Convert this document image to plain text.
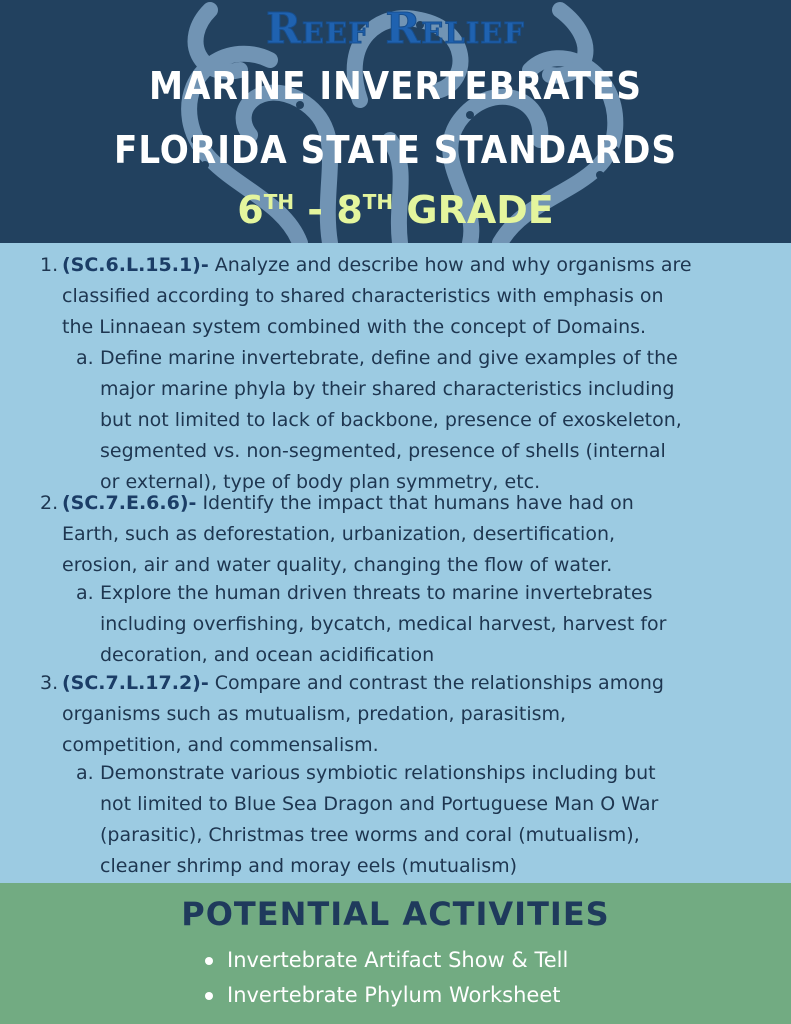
Reef Relief
MARINE INVERTEBRATES
FLORIDA STATE STANDARDS
6TH - 8TH GRADE
1. (SC.6.L.15.1)- Analyze and describe how and why organisms are
classified according to shared characteristics with emphasis on
the Linnaean system combined with the concept of Domains.
a. Define marine invertebrate, define and give examples of the
major marine phyla by their shared characteristics including
but not limited to lack of backbone, presence of exoskeleton,
segmented vs. non-segmented, presence of shells (internal
or external), type of body plan symmetry, etc.
2. (SC.7.E.6.6)- Identify the impact that humans have had on
Earth, such as deforestation, urbanization, desertification,
erosion, air and water quality, changing the flow of water.
a. Explore the human driven threats to marine invertebrates
including overfishing, bycatch, medical harvest, harvest for
decoration, and ocean acidification
3. (SC.7.L.17.2)- Compare and contrast the relationships among
organisms such as mutualism, predation, parasitism,
competition, and commensalism.
a. Demonstrate various symbiotic relationships including but
not limited to Blue Sea Dragon and Portuguese Man O War
(parasitic), Christmas tree worms and coral (mutualism),
cleaner shrimp and moray eels (mutualism)
POTENTIAL ACTIVITIES
Invertebrate Artifact Show & Tell
Invertebrate Phylum Worksheet
